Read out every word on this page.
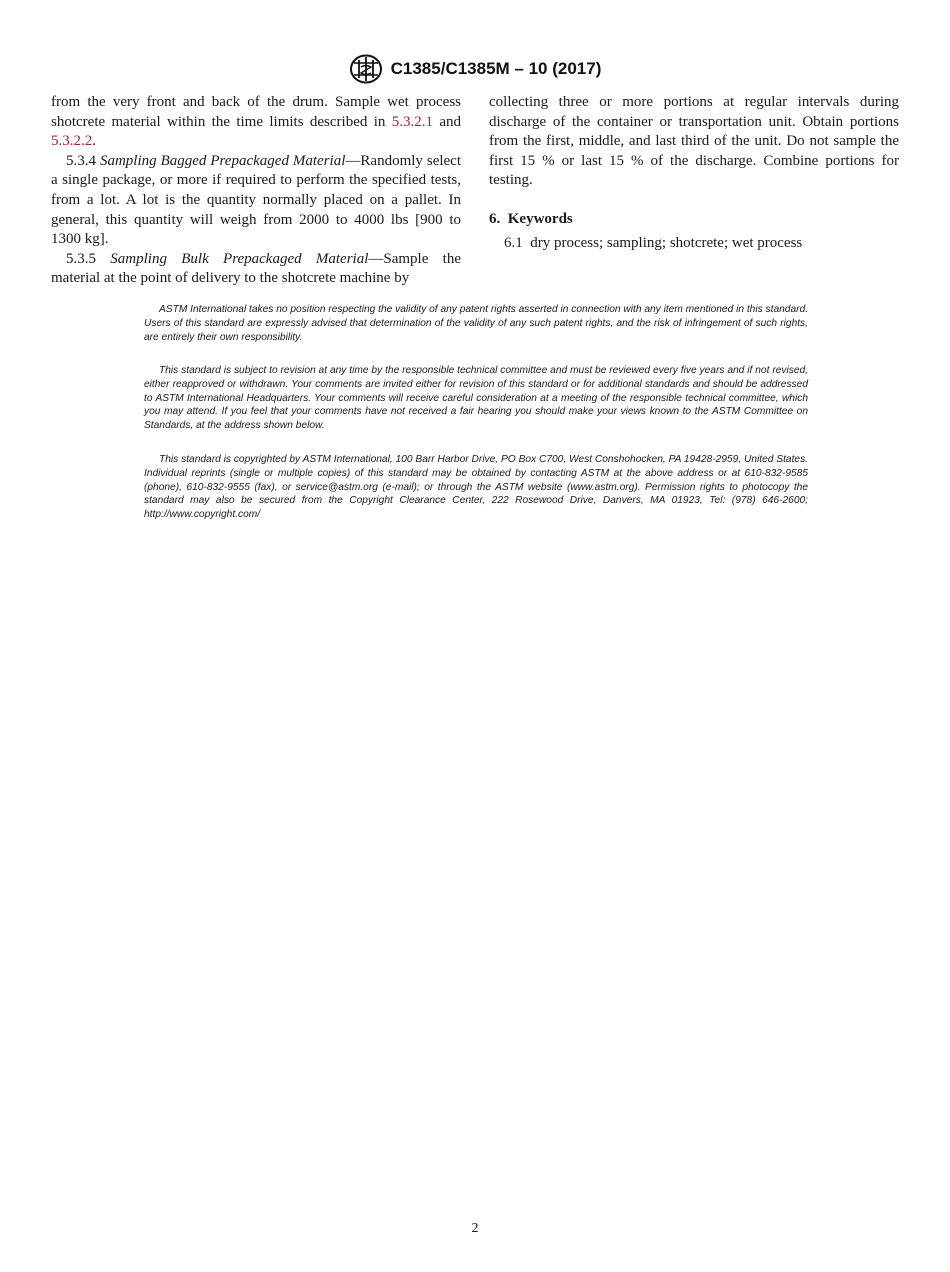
C1385/C1385M – 10 (2017)

from the very front and back of the drum. Sample wet process shotcrete material within the time limits described in 5.3.2.1 and 5.3.2.2.

5.3.4 Sampling Bagged Prepackaged Material—Randomly select a single package, or more if required to perform the specified tests, from a lot. A lot is the quantity normally placed on a pallet. In general, this quantity will weigh from 2000 to 4000 lbs [900 to 1300 kg].

5.3.5 Sampling Bulk Prepackaged Material—Sample the material at the point of delivery to the shotcrete machine by

collecting three or more portions at regular intervals during discharge of the container or transportation unit. Obtain portions from the first, middle, and last third of the unit. Do not sample the first 15 % or last 15 % of the discharge. Combine portions for testing.

6. Keywords

6.1 dry process; sampling; shotcrete; wet process

ASTM International takes no position respecting the validity of any patent rights asserted in connection with any item mentioned in this standard. Users of this standard are expressly advised that determination of the validity of any such patent rights, and the risk of infringement of such rights, are entirely their own responsibility.

This standard is subject to revision at any time by the responsible technical committee and must be reviewed every five years and if not revised, either reapproved or withdrawn. Your comments are invited either for revision of this standard or for additional standards and should be addressed to ASTM International Headquarters. Your comments will receive careful consideration at a meeting of the responsible technical committee, which you may attend. If you feel that your comments have not received a fair hearing you should make your views known to the ASTM Committee on Standards, at the address shown below.

This standard is copyrighted by ASTM International, 100 Barr Harbor Drive, PO Box C700, West Conshohocken, PA 19428-2959, United States. Individual reprints (single or multiple copies) of this standard may be obtained by contacting ASTM at the above address or at 610-832-9585 (phone), 610-832-9555 (fax), or service@astm.org (e-mail); or through the ASTM website (www.astm.org). Permission rights to photocopy the standard may also be secured from the Copyright Clearance Center, 222 Rosewood Drive, Danvers, MA 01923, Tel: (978) 646-2600; http://www.copyright.com/

2
